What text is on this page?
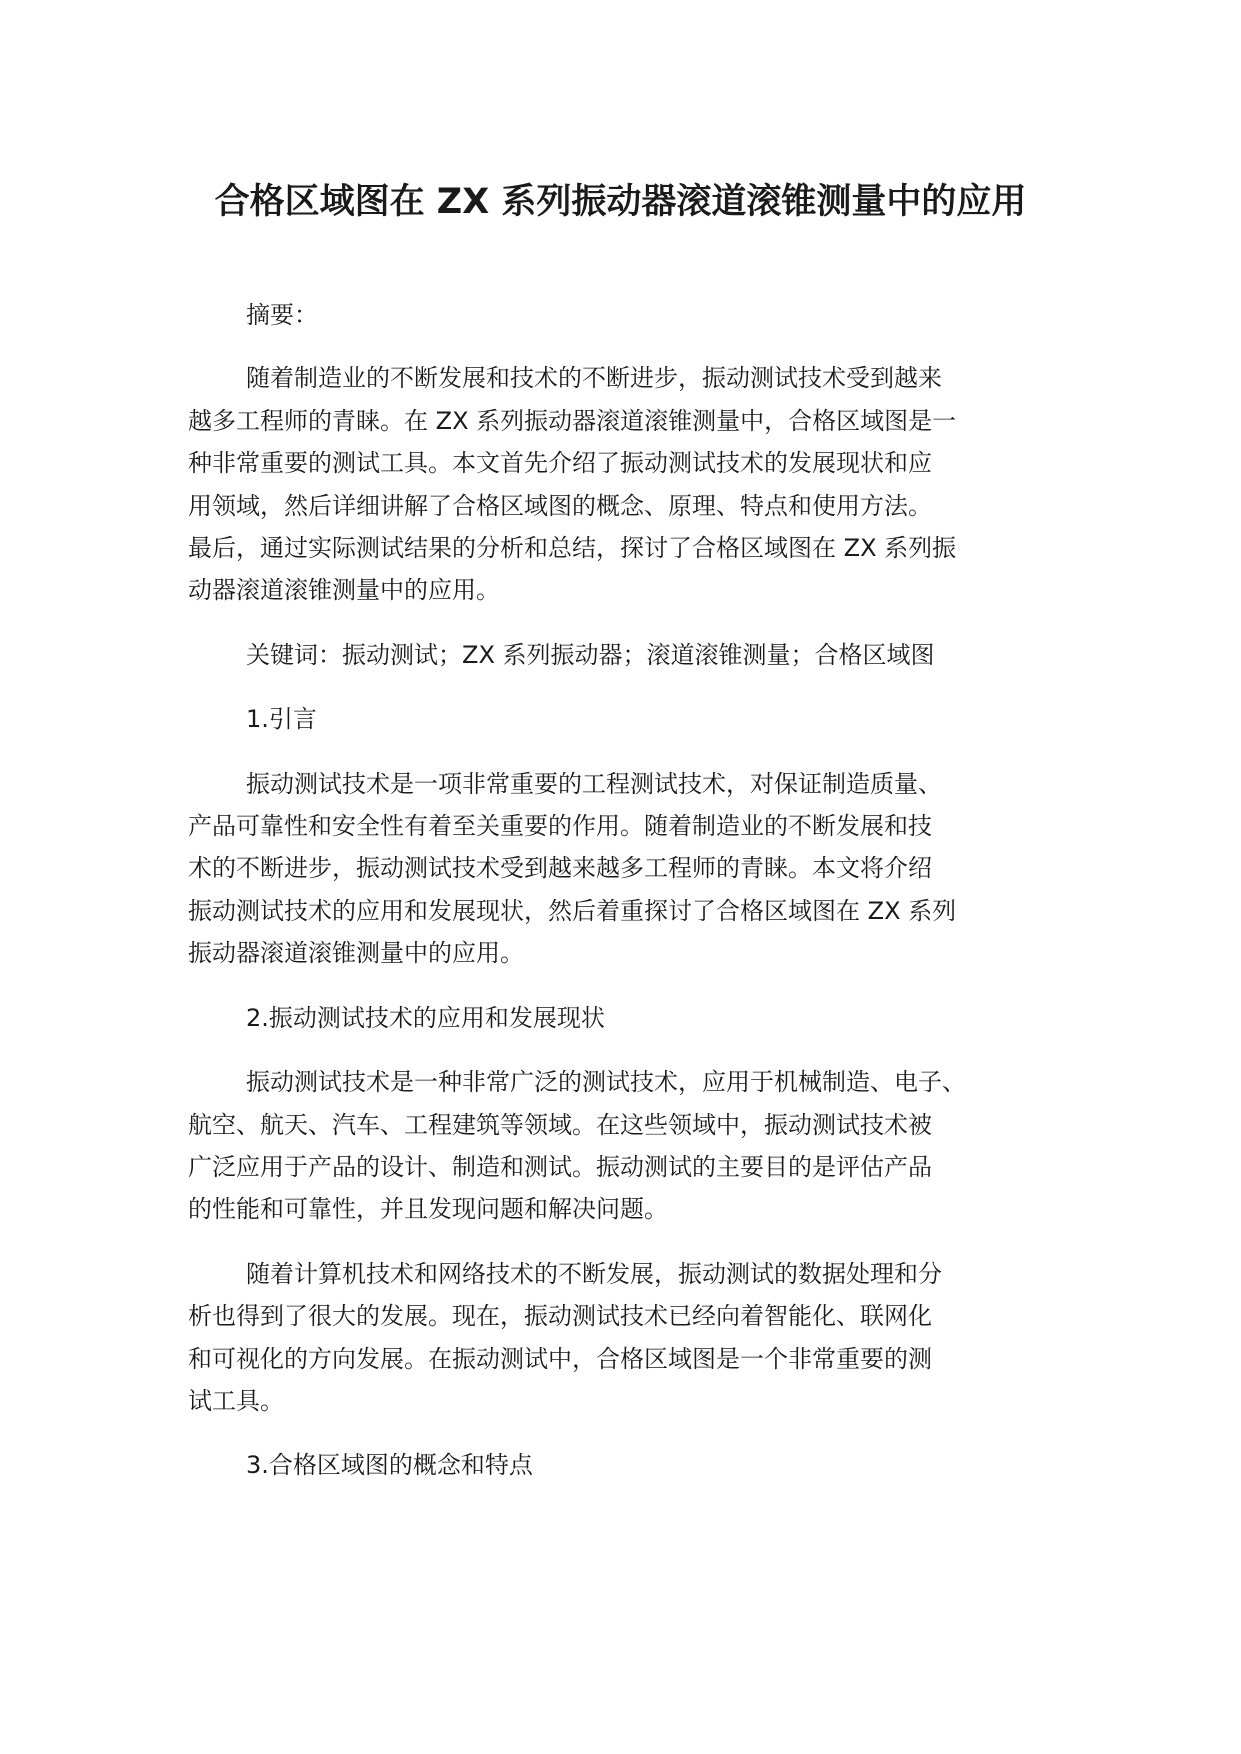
合格区域图在 ZX 系列振动器滚道滚锥测量中的应用
摘要：
随着制造业的不断发展和技术的不断进步，振动测试技术受到越来
越多工程师的青睐。在 ZX 系列振动器滚道滚锥测量中，合格区域图是一
种非常重要的测试工具。本文首先介绍了振动测试技术的发展现状和应
用领域，然后详细讲解了合格区域图的概念、原理、特点和使用方法。
最后，通过实际测试结果的分析和总结，探讨了合格区域图在 ZX 系列振
动器滚道滚锥测量中的应用。
关键词：振动测试；ZX 系列振动器；滚道滚锥测量；合格区域图
1.引言
振动测试技术是一项非常重要的工程测试技术，对保证制造质量、
产品可靠性和安全性有着至关重要的作用。随着制造业的不断发展和技
术的不断进步，振动测试技术受到越来越多工程师的青睐。本文将介绍
振动测试技术的应用和发展现状，然后着重探讨了合格区域图在 ZX 系列
振动器滚道滚锥测量中的应用。
2.振动测试技术的应用和发展现状
振动测试技术是一种非常广泛的测试技术，应用于机械制造、电子、
航空、航天、汽车、工程建筑等领域。在这些领域中，振动测试技术被
广泛应用于产品的设计、制造和测试。振动测试的主要目的是评估产品
的性能和可靠性，并且发现问题和解决问题。
随着计算机技术和网络技术的不断发展，振动测试的数据处理和分
析也得到了很大的发展。现在，振动测试技术已经向着智能化、联网化
和可视化的方向发展。在振动测试中，合格区域图是一个非常重要的测
试工具。
3.合格区域图的概念和特点
